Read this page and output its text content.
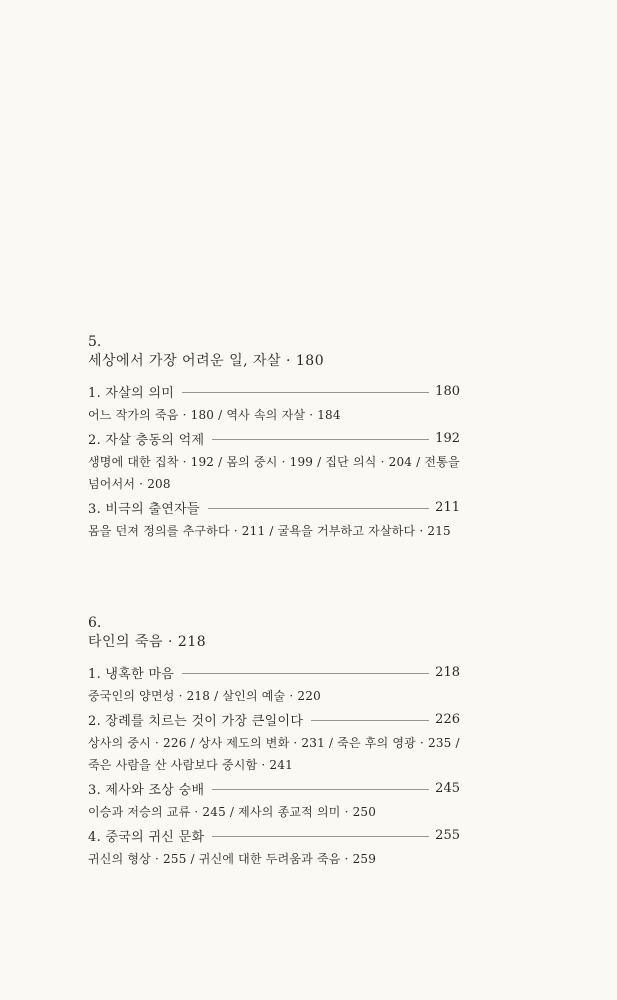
5.

세상에서 가장 어려운 일, 자살 · 180

1. 자살의 의미	180

어느 작가의 죽음 · 180 / 역사 속의 자살 · 184

2. 자살 충동의 억제	192

생명에 대한 집착 · 192 / 몸의 중시 · 199 / 집단 의식 · 204 / 전통을 넘어서서 · 208

3. 비극의 출연자들	211

몸을 던져 정의를 추구하다 · 211 / 굴욕을 거부하고 자살하다 · 215

6.

타인의 죽음 · 218

1. 냉혹한 마음	218

중국인의 양면성 · 218 / 살인의 예술 · 220

2. 장례를 치르는 것이 가장 큰일이다	226

상사의 중시 · 226 / 상사 제도의 변화 · 231 / 죽은 후의 영광 · 235 / 죽은 사람을 산 사람보다 중시함 · 241

3. 제사와 조상 숭배	245

이승과 저승의 교류 · 245 / 제사의 종교적 의미 · 250

4. 중국의 귀신 문화	255

귀신의 형상 · 255 / 귀신에 대한 두려움과 죽음 · 259
